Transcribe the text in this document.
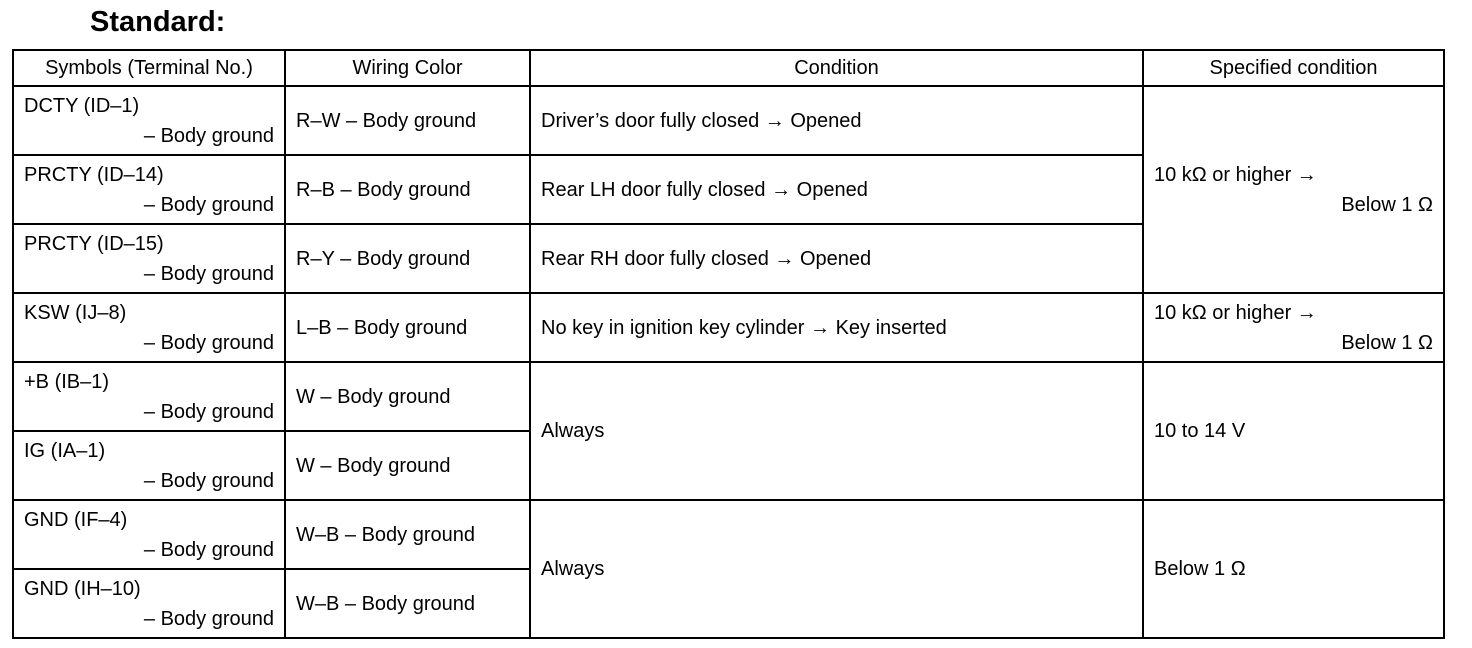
Standard:
Symbols (Terminal No.)	Wiring Color	Condition	Specified condition

DCTY (ID–1)
– Body ground	R–W – Body ground	Driver’s door fully closed → Opened	10 kΩ or higher →
Below 1 Ω

PRCTY (ID–14)
– Body ground	R–B – Body ground	Rear LH door fully closed → Opened	

PRCTY (ID–15)
– Body ground	R–Y – Body ground	Rear RH door fully closed → Opened	

KSW (IJ–8)
– Body ground	L–B – Body ground	No key in ignition key cylinder → Key inserted	10 kΩ or higher →
Below 1 Ω

+B (IB–1)
– Body ground	W – Body ground	Always	10 to 14 V

IG (IA–1)
– Body ground	W – Body ground		

GND (IF–4)
– Body ground	W–B – Body ground	Always	Below 1 Ω

GND (IH–10)
– Body ground	W–B – Body ground		
